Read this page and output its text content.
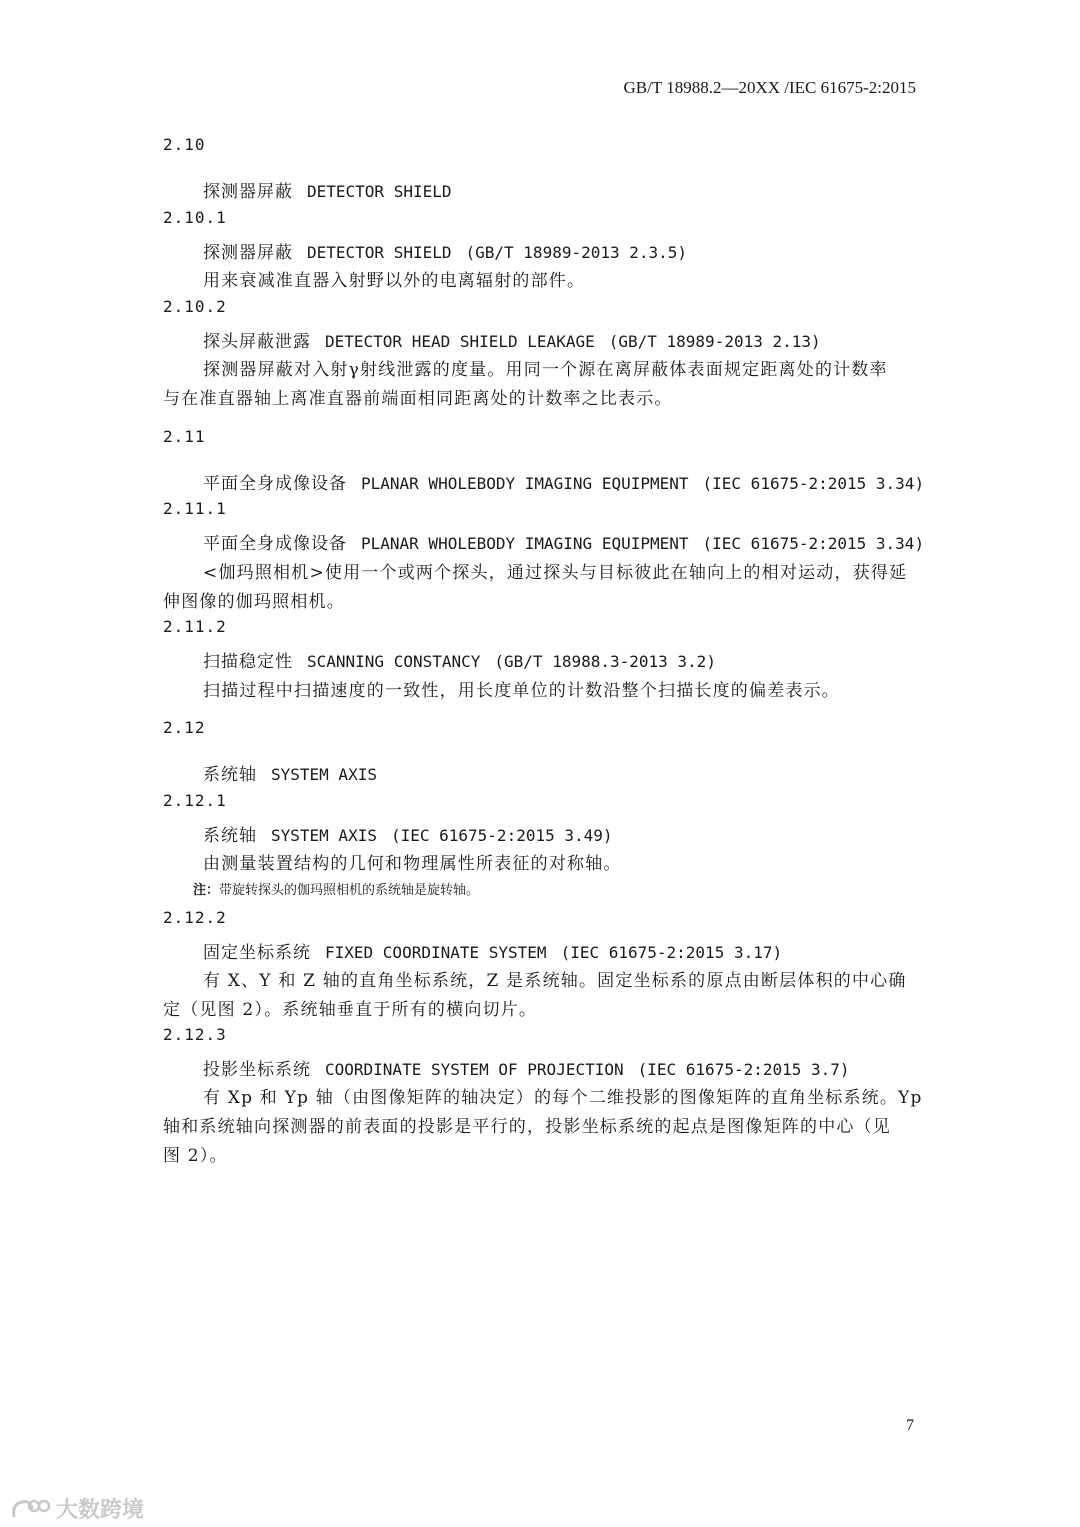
GB/T 18988.2—20XX /IEC 61675-2:2015
2.10
探测器屏蔽 DETECTOR SHIELD
2.10.1
探测器屏蔽 DETECTOR SHIELD (GB/T 18989-2013 2.3.5)
用来衰减准直器入射野以外的电离辐射的部件。
2.10.2
探头屏蔽泄露 DETECTOR HEAD SHIELD LEAKAGE (GB/T 18989-2013 2.13)
探测器屏蔽对入射γ射线泄露的度量。用同一个源在离屏蔽体表面规定距离处的计数率
与在准直器轴上离准直器前端面相同距离处的计数率之比表示。
2.11
平面全身成像设备 PLANAR WHOLEBODY IMAGING EQUIPMENT (IEC 61675-2:2015 3.34)
2.11.1
平面全身成像设备 PLANAR WHOLEBODY IMAGING EQUIPMENT (IEC 61675-2:2015 3.34)
<伽玛照相机>使用一个或两个探头，通过探头与目标彼此在轴向上的相对运动，获得延
伸图像的伽玛照相机。
2.11.2
扫描稳定性 SCANNING CONSTANCY (GB/T 18988.3-2013 3.2)
扫描过程中扫描速度的一致性，用长度单位的计数沿整个扫描长度的偏差表示。
2.12
系统轴 SYSTEM AXIS
2.12.1
系统轴 SYSTEM AXIS (IEC 61675-2:2015 3.49)
由测量装置结构的几何和物理属性所表征的对称轴。
注：带旋转探头的伽玛照相机的系统轴是旋转轴。
2.12.2
固定坐标系统 FIXED COORDINATE SYSTEM (IEC 61675-2:2015 3.17)
有 X、Y 和 Z 轴的直角坐标系统，Z 是系统轴。固定坐标系的原点由断层体积的中心确
定（见图 2）。系统轴垂直于所有的横向切片。
2.12.3
投影坐标系统 COORDINATE SYSTEM OF PROJECTION (IEC 61675-2:2015 3.7)
有 Xp 和 Yp 轴（由图像矩阵的轴决定）的每个二维投影的图像矩阵的直角坐标系统。Yp
轴和系统轴向探测器的前表面的投影是平行的，投影坐标系统的起点是图像矩阵的中心（见
图 2）。
7
大数跨境
